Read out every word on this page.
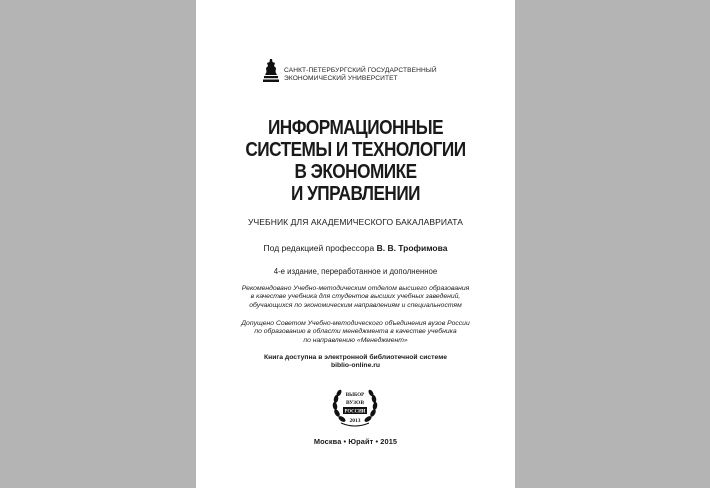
САНКТ-ПЕТЕРБУРГСКИЙ ГОСУДАРСТВЕННЫЙ
ЭКОНОМИЧЕСКИЙ УНИВЕРСИТЕТ
ИНФОРМАЦИОННЫЕ
СИСТЕМЫ И ТЕХНОЛОГИИ
В ЭКОНОМИКЕ
И УПРАВЛЕНИИ
УЧЕБНИК ДЛЯ АКАДЕМИЧЕСКОГО БАКАЛАВРИАТА
Под редакцией профессора В. В. Трофимова
4-е издание, переработанное и дополненное
Рекомендовано Учебно-методическим отделом высшего образования
в качестве учебника для студентов высших учебных заведений,
обучающихся по экономическим направлениям и специальностям
Допущено Советом Учебно-методического объединения вузов России
по образованию в области менеджмента в качестве учебника
по направлению «Менеджмент»
Книга доступна в электронной библиотечной системе
biblio-online.ru
ВЫБОР
ВУЗОВ
РОССИИ
2013
Москва • Юрайт • 2015
